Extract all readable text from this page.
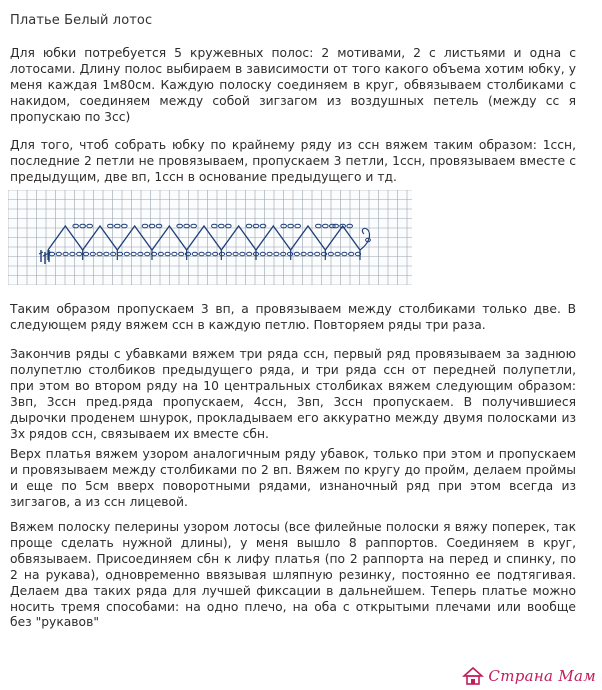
Платье Белый лотос

Для юбки потребуется 5 кружевных полос: 2 мотивами, 2 с листьями и одна с лотосами. Длину полос выбираем в зависимости от того какого объема хотим юбку, у меня каждая 1м80см. Каждую полоску соединяем в круг, обвязываем столбиками с накидом, соединяем между собой зигзагом из воздушных петель (между сс я пропускаю по 3сс)

Для того, чтоб собрать юбку по крайнему ряду из ссн вяжем таким образом: 1ссн, последние 2 петли не провязываем, пропускаем 3 петли, 1ссн, провязываем вместе с предыдущим, две вп, 1ссн в основание предыдущего и тд.

Таким образом пропускаем 3 вп, а провязываем между столбиками только две. В следующем ряду вяжем ссн в каждую петлю. Повторяем ряды три раза.

Закончив ряды с убавками вяжем три ряда ссн, первый ряд провязываем за заднюю полупетлю столбиков предыдущего ряда, и три ряда ссн от передней полупетли, при этом во втором ряду на 10 центральных столбиках вяжем следующим образом: 3вп, 3ссн пред.ряда пропускаем, 4ссн, 3вп, 3ссн пропускаем. В получившиеся дырочки проденем шнурок, прокладываем его аккуратно между двумя полосками из 3х рядов ссн, связываем их вместе сбн.

Верх платья вяжем узором аналогичным ряду убавок, только при этом и пропускаем и провязываем между столбиками по 2 вп. Вяжем по кругу до пройм, делаем проймы и еще по 5см вверх поворотными рядами, изнаночный ряд при этом всегда из зигзагов, а из ссн лицевой.

Вяжем полоску пелерины узором лотосы (все филейные полоски я вяжу поперек, так проще сделать нужной длины), у меня вышло 8 раппортов. Соединяем в круг, обвязываем. Присоединяем сбн к лифу платья (по 2 раппорта на перед и спинку, по 2 на рукава), одновременно ввязывая шляпную резинку, постоянно ее подтягивая. Делаем два таких ряда для лучшей фиксации в дальнейшем. Теперь платье можно носить тремя способами: на одно плечо, на оба с открытыми плечами или вообще без "рукавов"

Страна Мам
